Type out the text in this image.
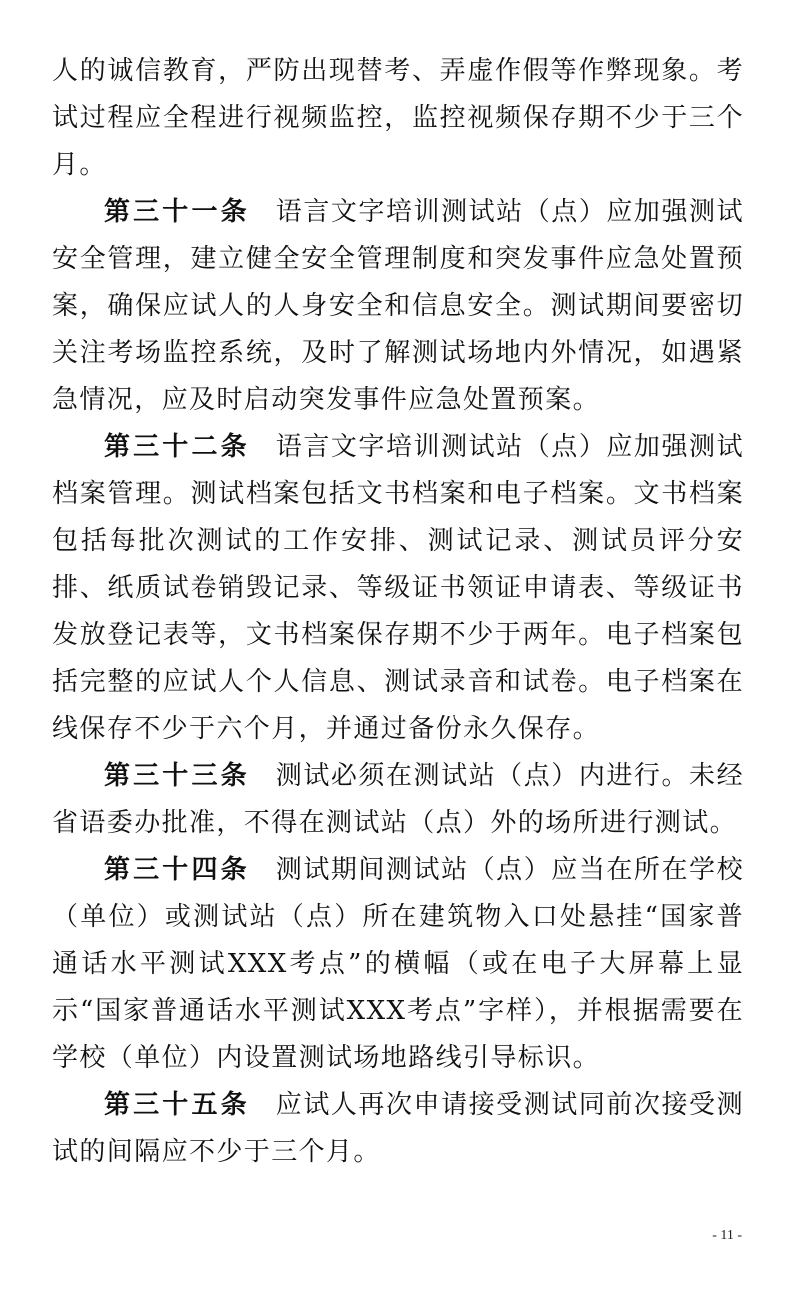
人的诚信教育，严防出现替考、弄虚作假等作弊现象。考试过程应全程进行视频监控，监控视频保存期不少于三个月。

第三十一条 语言文字培训测试站（点）应加强测试安全管理，建立健全安全管理制度和突发事件应急处置预案，确保应试人的人身安全和信息安全。测试期间要密切关注考场监控系统，及时了解测试场地内外情况，如遇紧急情况，应及时启动突发事件应急处置预案。

第三十二条 语言文字培训测试站（点）应加强测试档案管理。测试档案包括文书档案和电子档案。文书档案包括每批次测试的工作安排、测试记录、测试员评分安排、纸质试卷销毁记录、等级证书领证申请表、等级证书发放登记表等，文书档案保存期不少于两年。电子档案包括完整的应试人个人信息、测试录音和试卷。电子档案在线保存不少于六个月，并通过备份永久保存。

第三十三条 测试必须在测试站（点）内进行。未经省语委办批准，不得在测试站（点）外的场所进行测试。

第三十四条 测试期间测试站（点）应当在所在学校（单位）或测试站（点）所在建筑物入口处悬挂“国家普通话水平测试XXX考点”的横幅（或在电子大屏幕上显示“国家普通话水平测试XXX考点”字样），并根据需要在学校（单位）内设置测试场地路线引导标识。

第三十五条 应试人再次申请接受测试同前次接受测试的间隔应不少于三个月。

- 11 -
